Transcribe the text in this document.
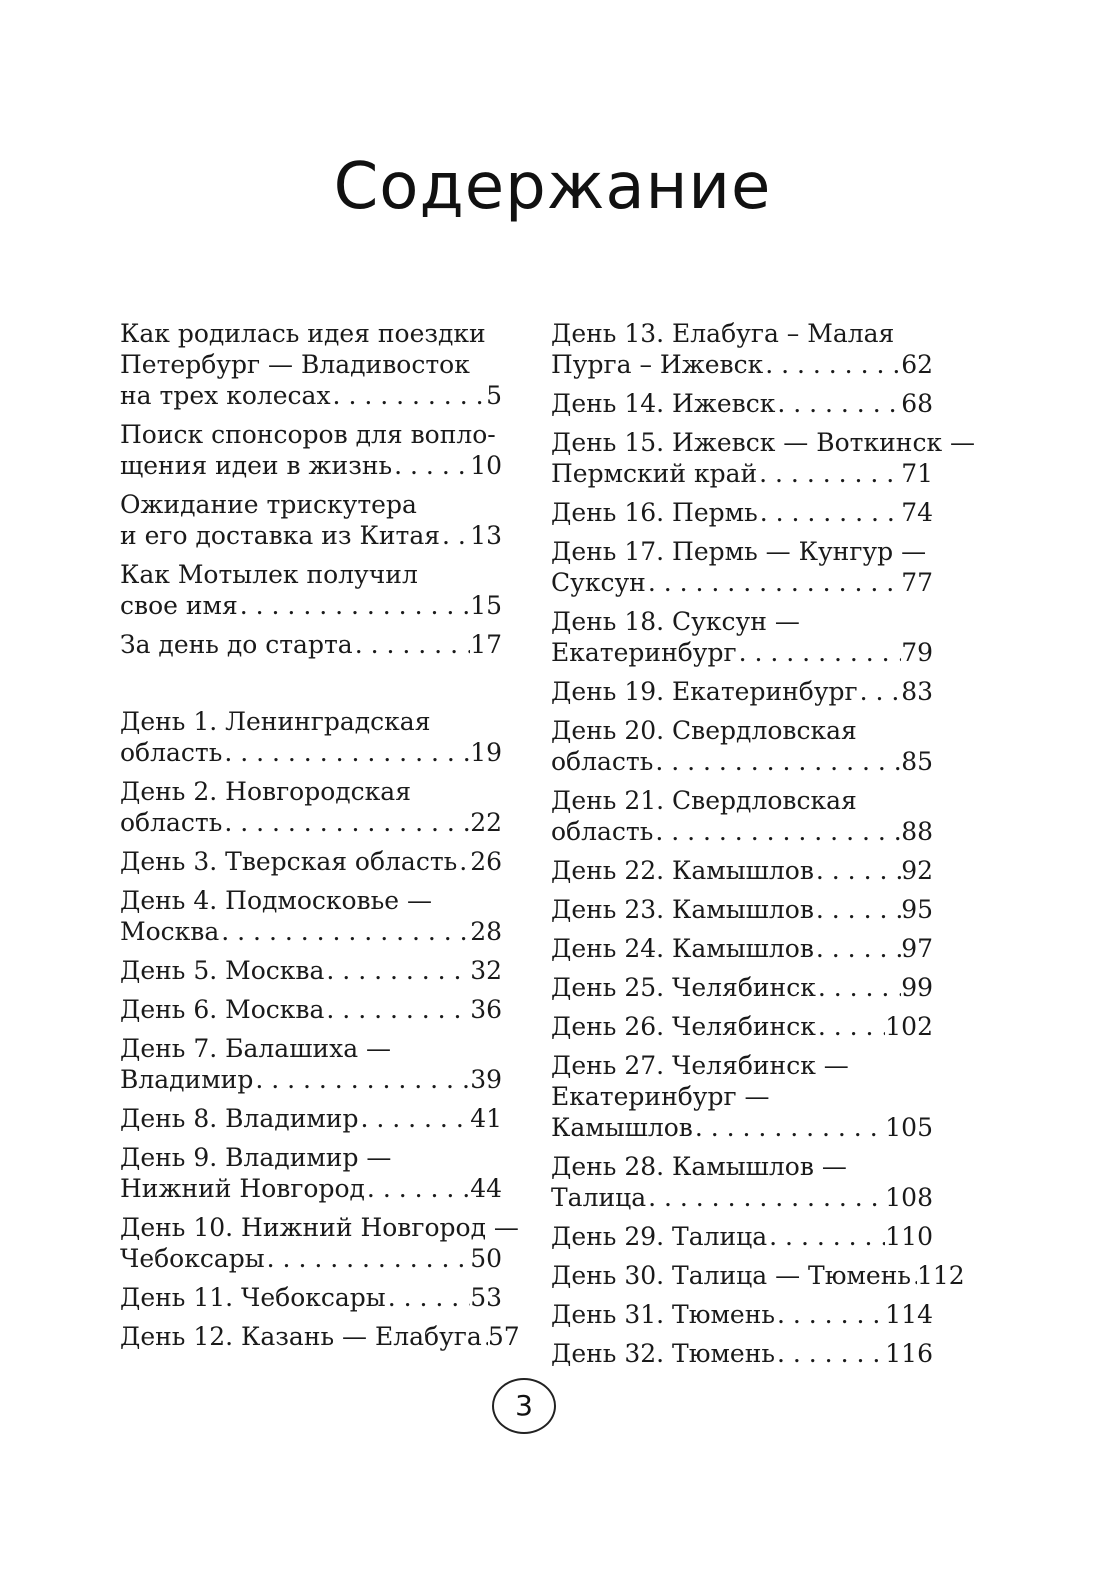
Содержание
Как родилась идея поездки
Петербург — Владивосток
на трех колесах . . .	5
Поиск спонсоров для вопло-
щения идеи в жизнь . . .	10
Ожидание трискутера
и его доставка из Китая . . . 13
Как Мотылек получил
свое имя . . .	15
За день до старта . . .	17
День 1. Ленинградская
область . . .	19
День 2. Новгородская
область . . .	22
День 3. Тверская область . . . 26
День 4. Подмосковье —
Москва . . .	28
День 5. Москва . . .	32
День 6. Москва . . .	36
День 7. Балашиха —
Владимир . . .	39
День 8. Владимир . . .	41
День 9. Владимир —
Нижний Новгород . . .	44
День 10. Нижний Новгород —
Чебоксары . . .	50
День 11. Чебоксары . . .	53
День 12. Казань — Елабуга . . . 57
День 13. Елабуга – Малая
Пурга – Ижевск . . .	62
День 14. Ижевск . . .	68
День 15. Ижевск — Воткинск —
Пермский край . . .	71
День 16. Пермь . . .	74
День 17. Пермь — Кунгур —
Суксун . . .	77
День 18. Суксун —
Екатеринбург . . .	79
День 19. Екатеринбург . . . 83
День 20. Свердловская
область . . .	85
День 21. Свердловская
область . . .	88
День 22. Камышлов . . .	92
День 23. Камышлов . . .	95
День 24. Камышлов . . .	97
День 25. Челябинск . . .	99
День 26. Челябинск . . .	102
День 27. Челябинск —
Екатеринбург —
Камышлов . . .	105
День 28. Камышлов —
Талица . . .	108
День 29. Талица . . .	110
День 30. Талица — Тюмень . . . 112
День 31. Тюмень . . .	114
День 32. Тюмень . . .	116
3
